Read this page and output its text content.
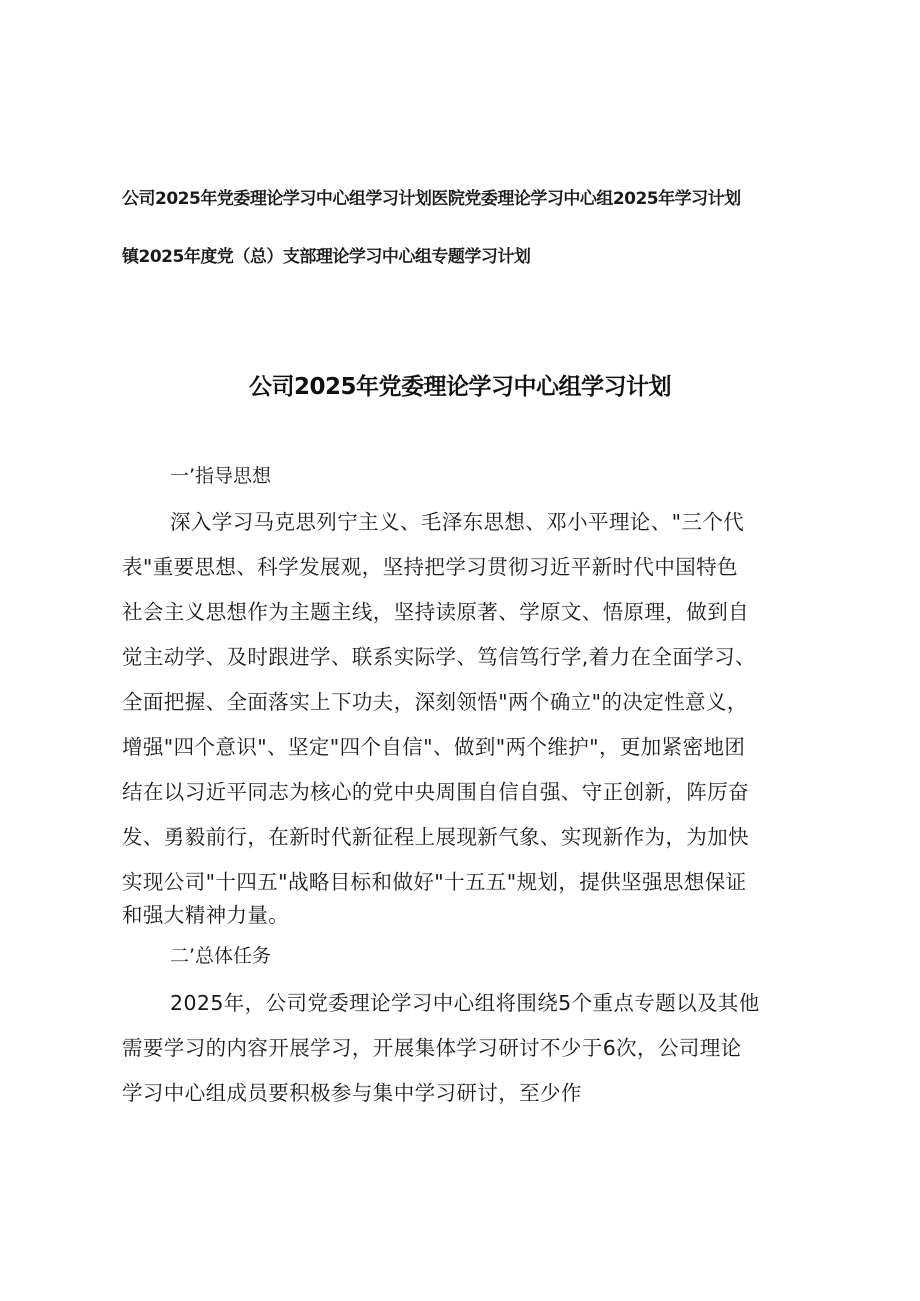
公司2025年党委理论学习中心组学习计划医院党委理论学习中心组2025年学习计划
镇2025年度党（总）支部理论学习中心组专题学习计划
公司2025年党委理论学习中心组学习计划
一’指导思想
深入学习马克思列宁主义、毛泽东思想、邓小平理论、"三个代
表"重要思想、科学发展观，坚持把学习贯彻习近平新时代中国特色
社会主义思想作为主题主线，坚持读原著、学原文、悟原理，做到自
觉主动学、及时跟进学、联系实际学、笃信笃行学,着力在全面学习、
全面把握、全面落实上下功夫，深刻领悟"两个确立"的决定性意义，
增强"四个意识"、坚定"四个自信"、做到"两个维护"，更加紧密地团
结在以习近平同志为核心的党中央周围自信自强、守正创新，阵厉奋
发、勇毅前行，在新时代新征程上展现新气象、实现新作为，为加快
实现公司"十四五"战略目标和做好"十五五"规划，提供坚强思想保证
和强大精神力量。
二’总体任务
2025年，公司党委理论学习中心组将围绕5个重点专题以及其他
需要学习的内容开展学习，开展集体学习研讨不少于6次，公司理论
学习中心组成员要积极参与集中学习研讨，至少作
